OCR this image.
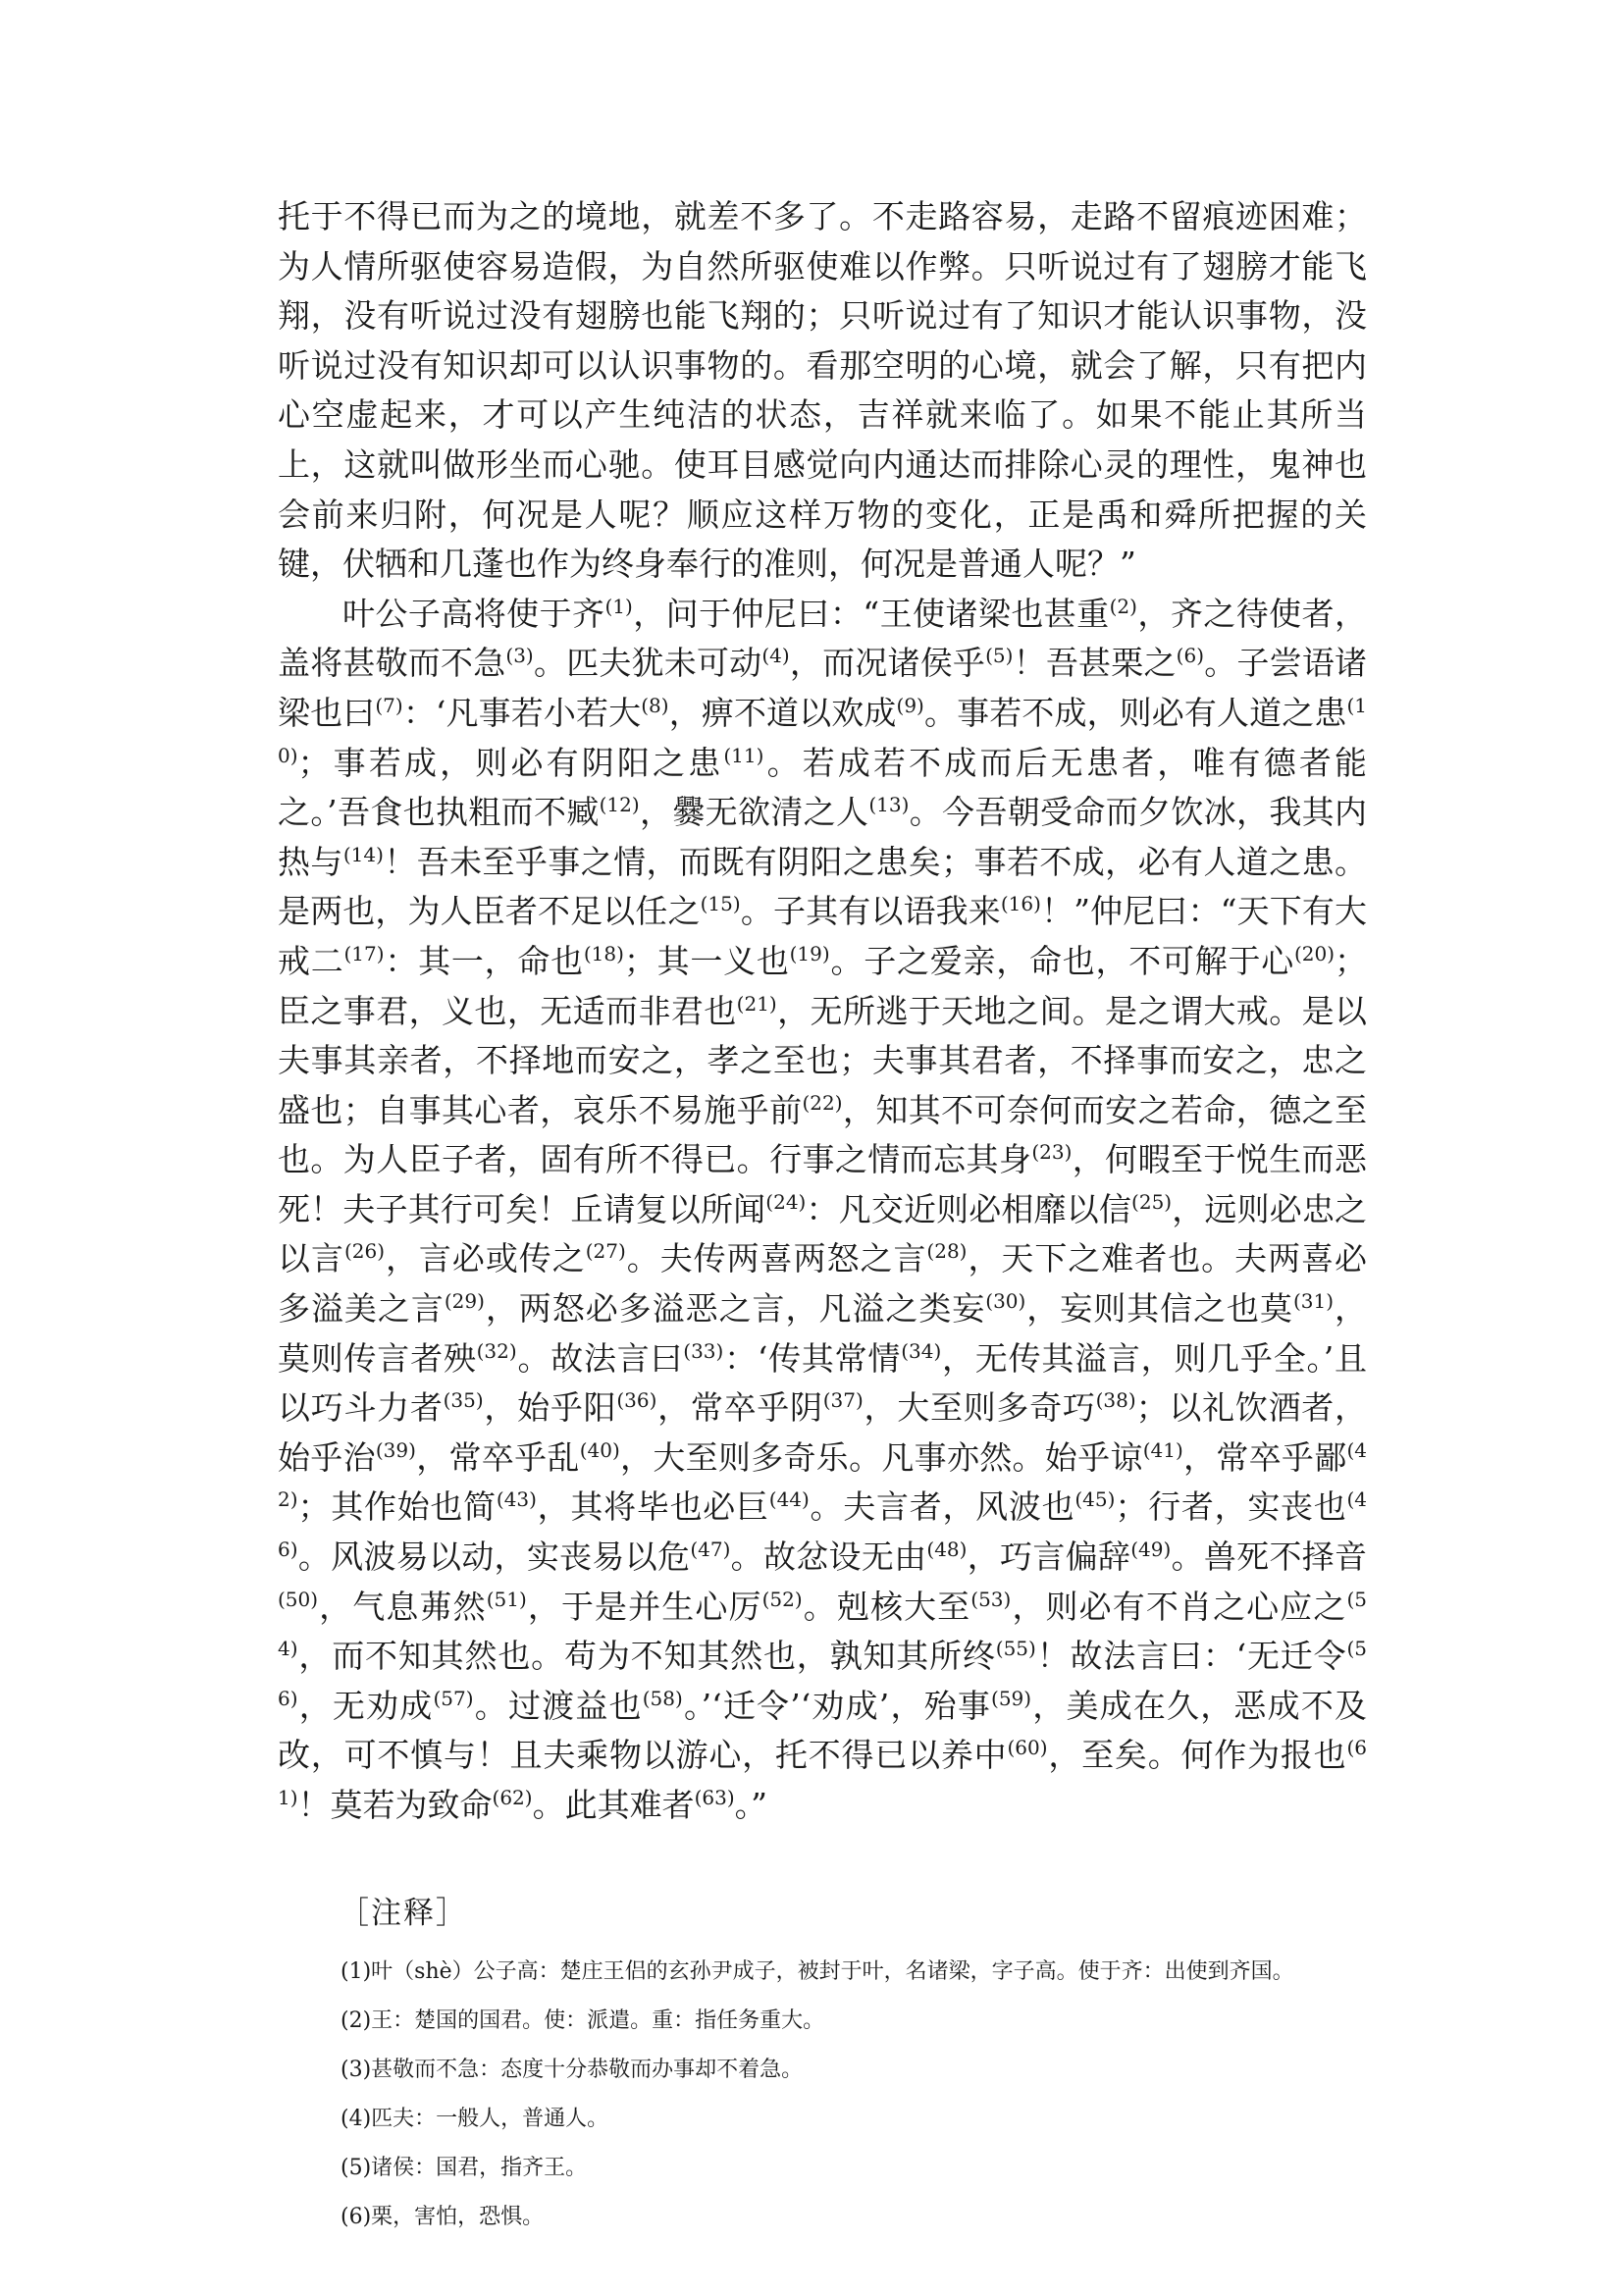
托于不得已而为之的境地，就差不多了。不走路容易，走路不留痕迹困难；为人情所驱使容易造假，为自然所驱使难以作弊。只听说过有了翅膀才能飞翔，没有听说过没有翅膀也能飞翔的；只听说过有了知识才能认识事物，没听说过没有知识却可以认识事物的。看那空明的心境，就会了解，只有把内心空虚起来，才可以产生纯洁的状态，吉祥就来临了。如果不能止其所当上，这就叫做形坐而心驰。使耳目感觉向内通达而排除心灵的理性，鬼神也会前来归附，何况是人呢？顺应这样万物的变化，正是禹和舜所把握的关键，伏牺和几蓬也作为终身奉行的准则，何况是普通人呢？”

叶公子高将使于齐$^{(1)}$，问于仲尼曰：“王使诸梁也甚重$^{(2)}$，齐之待使者，盖将甚敬而不急$^{(3)}$。匹夫犹未可动$^{(4)}$，而况诸侯乎$^{(5)}$！吾甚栗之$^{(6)}$。子尝语诸梁也曰$^{(7)}$：‘凡事若小若大$^{(8)}$，痹不道以欢成$^{(9)}$。事若不成，则必有人道之患$^{(10)}$；事若成，则必有阴阳之患$^{(11)}$。若成若不成而后无患者，唯有德者能之。’吾食也执粗而不臧$^{(12)}$，爨无欲清之人$^{(13)}$。今吾朝受命而夕饮冰，我其内热与$^{(14)}$！吾未至乎事之情，而既有阴阳之患矣；事若不成，必有人道之患。是两也，为人臣者不足以任之$^{(15)}$。子其有以语我来$^{(16)}$！”仲尼曰：“天下有大戒二$^{(17)}$：其一，命也$^{(18)}$；其一义也$^{(19)}$。子之爱亲，命也，不可解于心$^{(20)}$；臣之事君，义也，无适而非君也$^{(21)}$，无所逃于天地之间。是之谓大戒。是以夫事其亲者，不择地而安之，孝之至也；夫事其君者，不择事而安之，忠之盛也；自事其心者，哀乐不易施乎前$^{(22)}$，知其不可奈何而安之若命，德之至也。为人臣子者，固有所不得已。行事之情而忘其身$^{(23)}$，何暇至于悦生而恶死！夫子其行可矣！丘请复以所闻$^{(24)}$：凡交近则必相靡以信$^{(25)}$，远则必忠之以言$^{(26)}$，言必或传之$^{(27)}$。夫传两喜两怒之言$^{(28)}$，天下之难者也。夫两喜必多溢美之言$^{(29)}$，两怒必多溢恶之言，凡溢之类妄$^{(30)}$，妄则其信之也莫$^{(31)}$，莫则传言者殃$^{(32)}$。故法言曰$^{(33)}$：‘传其常情$^{(34)}$，无传其溢言，则几乎全。’且以巧斗力者$^{(35)}$，始乎阳$^{(36)}$，常卒乎阴$^{(37)}$，大至则多奇巧$^{(38)}$；以礼饮酒者，始乎治$^{(39)}$，常卒乎乱$^{(40)}$，大至则多奇乐。凡事亦然。始乎谅$^{(41)}$，常卒乎鄙$^{(42)}$；其作始也简$^{(43)}$，其将毕也必巨$^{(44)}$。夫言者，风波也$^{(45)}$；行者，实丧也$^{(46)}$。风波易以动，实丧易以危$^{(47)}$。故忿设无由$^{(48)}$，巧言偏辞$^{(49)}$。兽死不择音$^{(50)}$，气息茀然$^{(51)}$，于是并生心厉$^{(52)}$。剋核大至$^{(53)}$，则必有不肖之心应之$^{(54)}$，而不知其然也。苟为不知其然也，孰知其所终$^{(55)}$！故法言曰：‘无迁令$^{(56)}$，无劝成$^{(57)}$。过渡益也$^{(58)}$。’‘迁令’‘劝成’，殆事$^{(59)}$，美成在久，恶成不及改，可不慎与！且夫乘物以游心，托不得已以养中$^{(60)}$，至矣。何作为报也$^{(61)}$！莫若为致命$^{(62)}$。此其难者$^{(63)}$。”

［注释］

(1)叶（shè）公子高：楚庄王侣的玄孙尹成子，被封于叶，名诸梁，字子高。使于齐：出使到齐国。

(2)王：楚国的国君。使：派遣。重：指任务重大。

(3)甚敬而不急：态度十分恭敬而办事却不着急。

(4)匹夫：一般人，普通人。

(5)诸侯：国君，指齐王。

(6)栗，害怕，恐惧。
